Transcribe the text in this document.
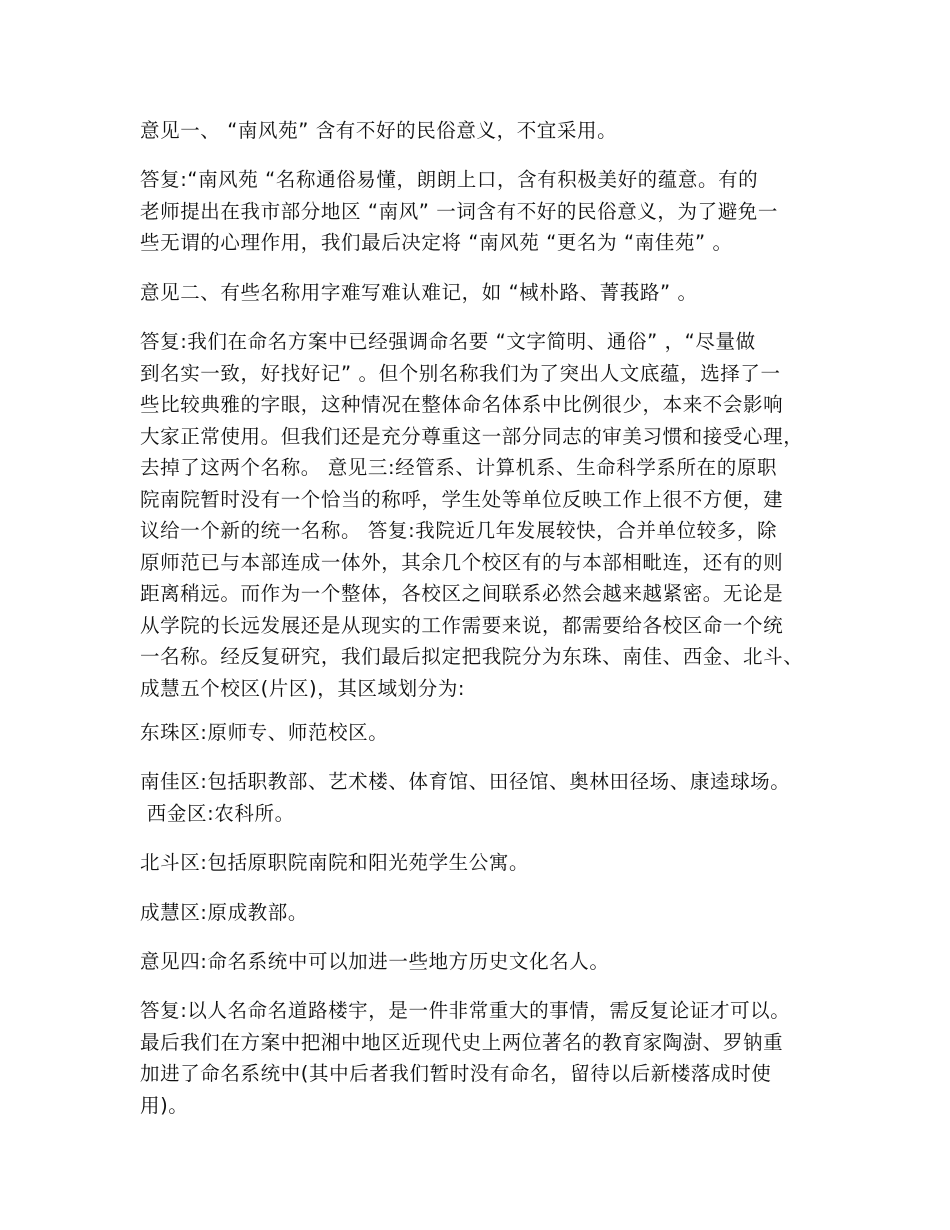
意见一、 “南风苑” 含有不好的民俗意义，不宜采用。
答复:“南风苑 “名称通俗易懂，朗朗上口，含有积极美好的蕴意。有的
老师提出在我市部分地区 “南风” 一词含有不好的民俗意义，为了避免一
些无谓的心理作用，我们最后决定将 “南风苑 “更名为 “南佳苑” 。
意见二、有些名称用字难写难认难记，如 “棫朴路、菁莪路” 。
答复:我们在命名方案中已经强调命名要 “文字简明、通俗” ，“尽量做
到名实一致，好找好记” 。但个别名称我们为了突出人文底蕴，选择了一
些比较典雅的字眼，这种情况在整体命名体系中比例很少，本来不会影响
大家正常使用。但我们还是充分尊重这一部分同志的审美习惯和接受心理，
去掉了这两个名称。 意见三:经管系、计算机系、生命科学系所在的原职
院南院暂时没有一个恰当的称呼，学生处等单位反映工作上很不方便，建
议给一个新的统一名称。 答复:我院近几年发展较快，合并单位较多，除
原师范已与本部连成一体外，其余几个校区有的与本部相毗连，还有的则
距离稍远。而作为一个整体，各校区之间联系必然会越来越紧密。无论是
从学院的长远发展还是从现实的工作需要来说，都需要给各校区命一个统
一名称。经反复研究，我们最后拟定把我院分为东珠、南佳、西金、北斗、
成慧五个校区(片区)，其区域划分为:
东珠区:原师专、师范校区。
南佳区:包括职教部、艺术楼、体育馆、田径馆、奥林田径场、康逵球场。
西金区:农科所。
北斗区:包括原职院南院和阳光苑学生公寓。
成慧区:原成教部。
意见四:命名系统中可以加进一些地方历史文化名人。
答复:以人名命名道路楼宇，是一件非常重大的事情，需反复论证才可以。
最后我们在方案中把湘中地区近现代史上两位著名的教育家陶澍、罗钠重
加进了命名系统中(其中后者我们暂时没有命名，留待以后新楼落成时使
用)。
